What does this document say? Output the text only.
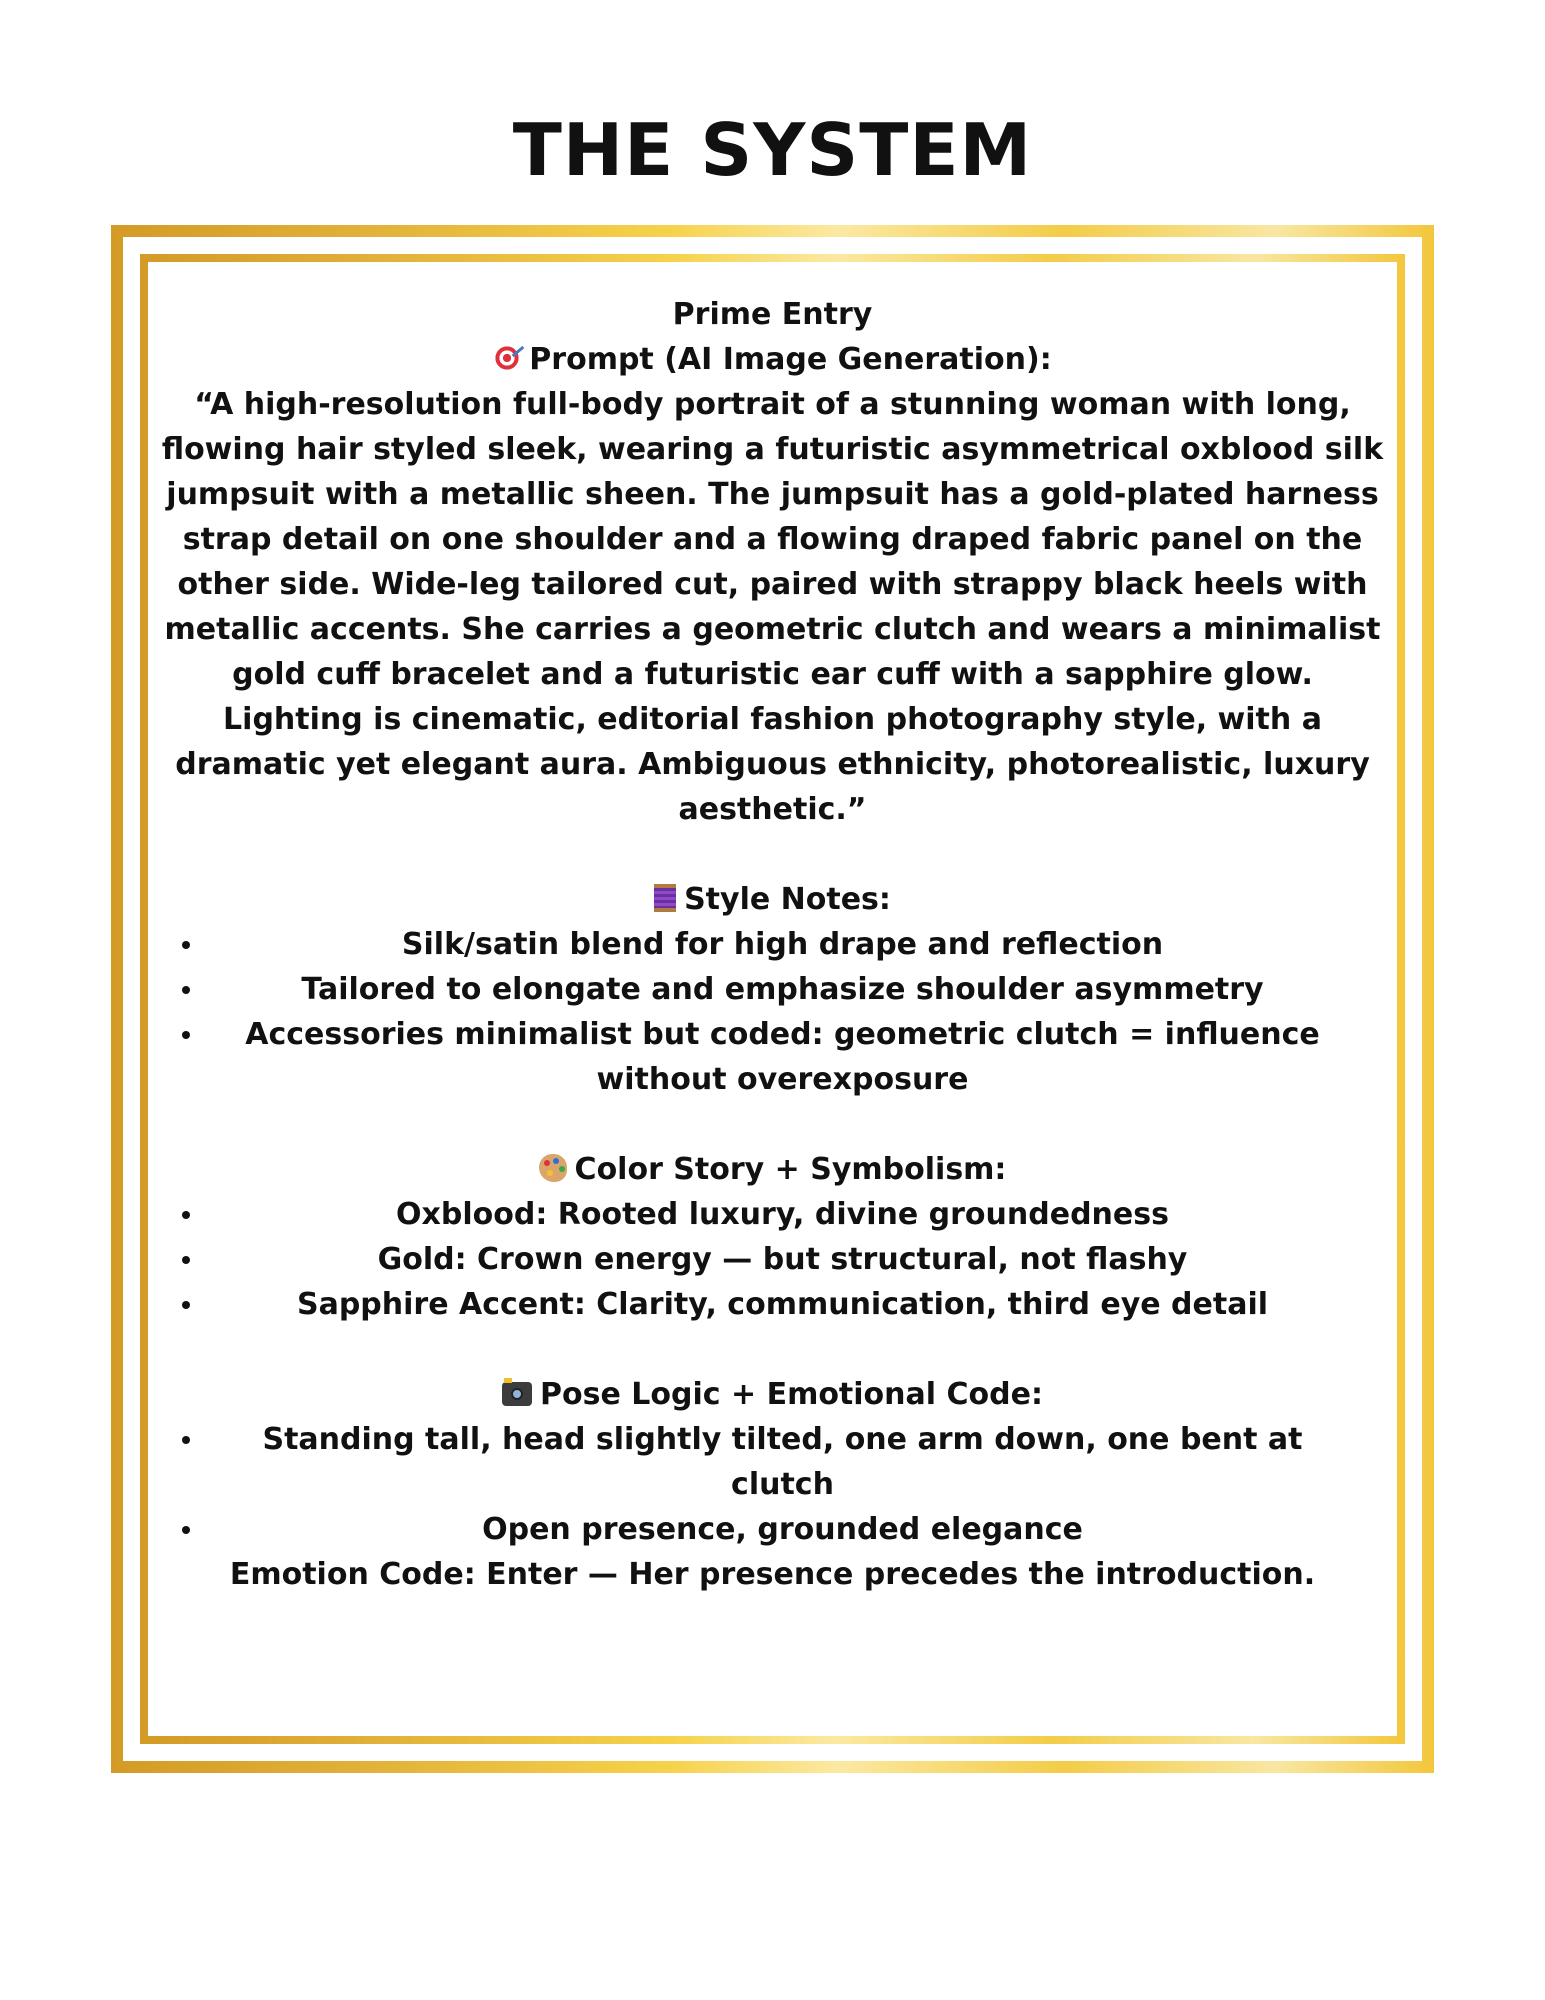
THE SYSTEM

Prime Entry

Prompt (AI Image Generation):

“A high-resolution full-body portrait of a stunning woman with long, flowing hair styled sleek, wearing a futuristic asymmetrical oxblood silk jumpsuit with a metallic sheen. The jumpsuit has a gold-plated harness strap detail on one shoulder and a flowing draped fabric panel on the other side. Wide-leg tailored cut, paired with strappy black heels with metallic accents. She carries a geometric clutch and wears a minimalist gold cuff bracelet and a futuristic ear cuff with a sapphire glow. Lighting is cinematic, editorial fashion photography style, with a dramatic yet elegant aura. Ambiguous ethnicity, photorealistic, luxury aesthetic.”

Style Notes:

Silk/satin blend for high drape and reflection
Tailored to elongate and emphasize shoulder asymmetry
Accessories minimalist but coded: geometric clutch = influence without overexposure

Color Story + Symbolism:

Oxblood: Rooted luxury, divine groundedness
Gold: Crown energy — but structural, not flashy
Sapphire Accent: Clarity, communication, third eye detail

Pose Logic + Emotional Code:

Standing tall, head slightly tilted, one arm down, one bent at clutch
Open presence, grounded elegance

Emotion Code: Enter — Her presence precedes the introduction.
